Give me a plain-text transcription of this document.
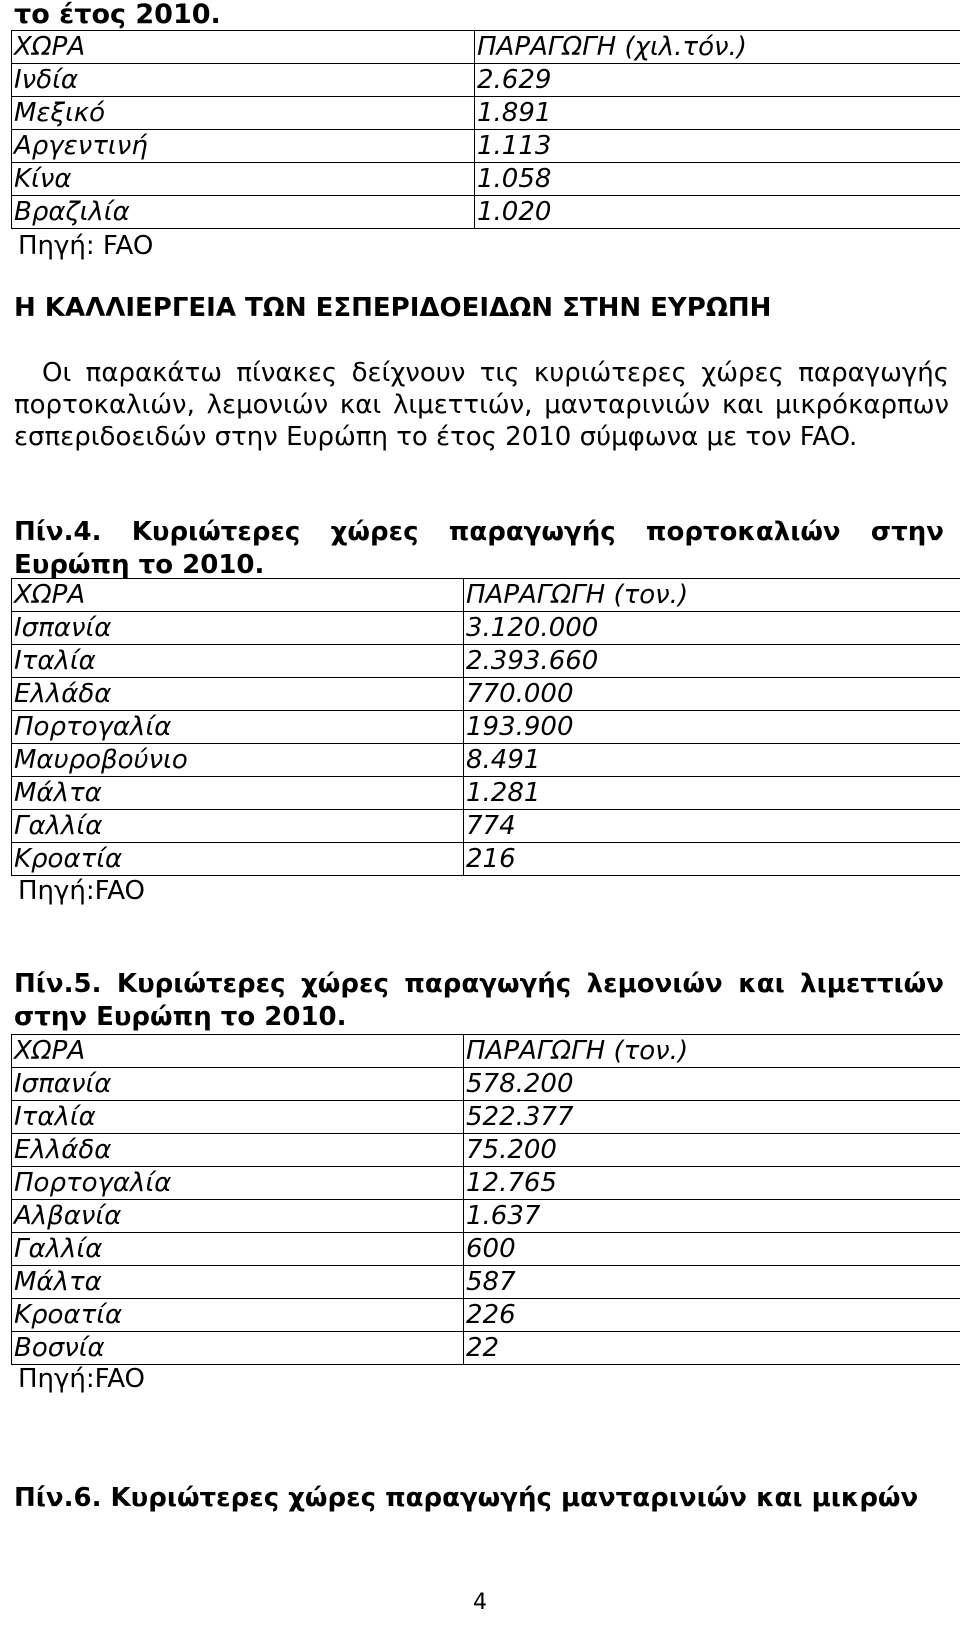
το έτος 2010.
ΧΩΡΑ	ΠΑΡΑΓΩΓΗ (χιλ.τόν.)
Ινδία	2.629
Μεξικό	1.891
Αργεντινή	1.113
Κίνα	1.058
Βραζιλία	1.020
Πηγή: FAO
Η ΚΑΛΛΙΕΡΓΕΙΑ ΤΩΝ ΕΣΠΕΡΙΔΟΕΙΔΩΝ ΣΤΗΝ ΕΥΡΩΠΗ
Οι παρακάτω πίνακες δείχνουν τις κυριώτερες χώρες παραγωγής πορτοκαλιών, λεμονιών και λιμεττιών, μανταρινιών και μικρόκαρπων εσπεριδοειδών στην Ευρώπη το έτος 2010 σύμφωνα με τον FAO.
Πίν.4. Κυριώτερες χώρες παραγωγής πορτοκαλιών στην Ευρώπη το 2010.
ΧΩΡΑ	ΠΑΡΑΓΩΓΗ (τον.)
Ισπανία	3.120.000
Ιταλία	2.393.660
Ελλάδα	770.000
Πορτογαλία	193.900
Μαυροβούνιο	8.491
Μάλτα	1.281
Γαλλία	774
Κροατία	216
Πηγή:FAO
Πίν.5. Κυριώτερες χώρες παραγωγής λεμονιών και λιμεττιών στην Ευρώπη το 2010.
ΧΩΡΑ	ΠΑΡΑΓΩΓΗ (τον.)
Ισπανία	578.200
Ιταλία	522.377
Ελλάδα	75.200
Πορτογαλία	12.765
Αλβανία	1.637
Γαλλία	600
Μάλτα	587
Κροατία	226
Βοσνία	22
Πηγή:FAO
Πίν.6. Κυριώτερες χώρες παραγωγής μανταρινιών και μικρών
4
